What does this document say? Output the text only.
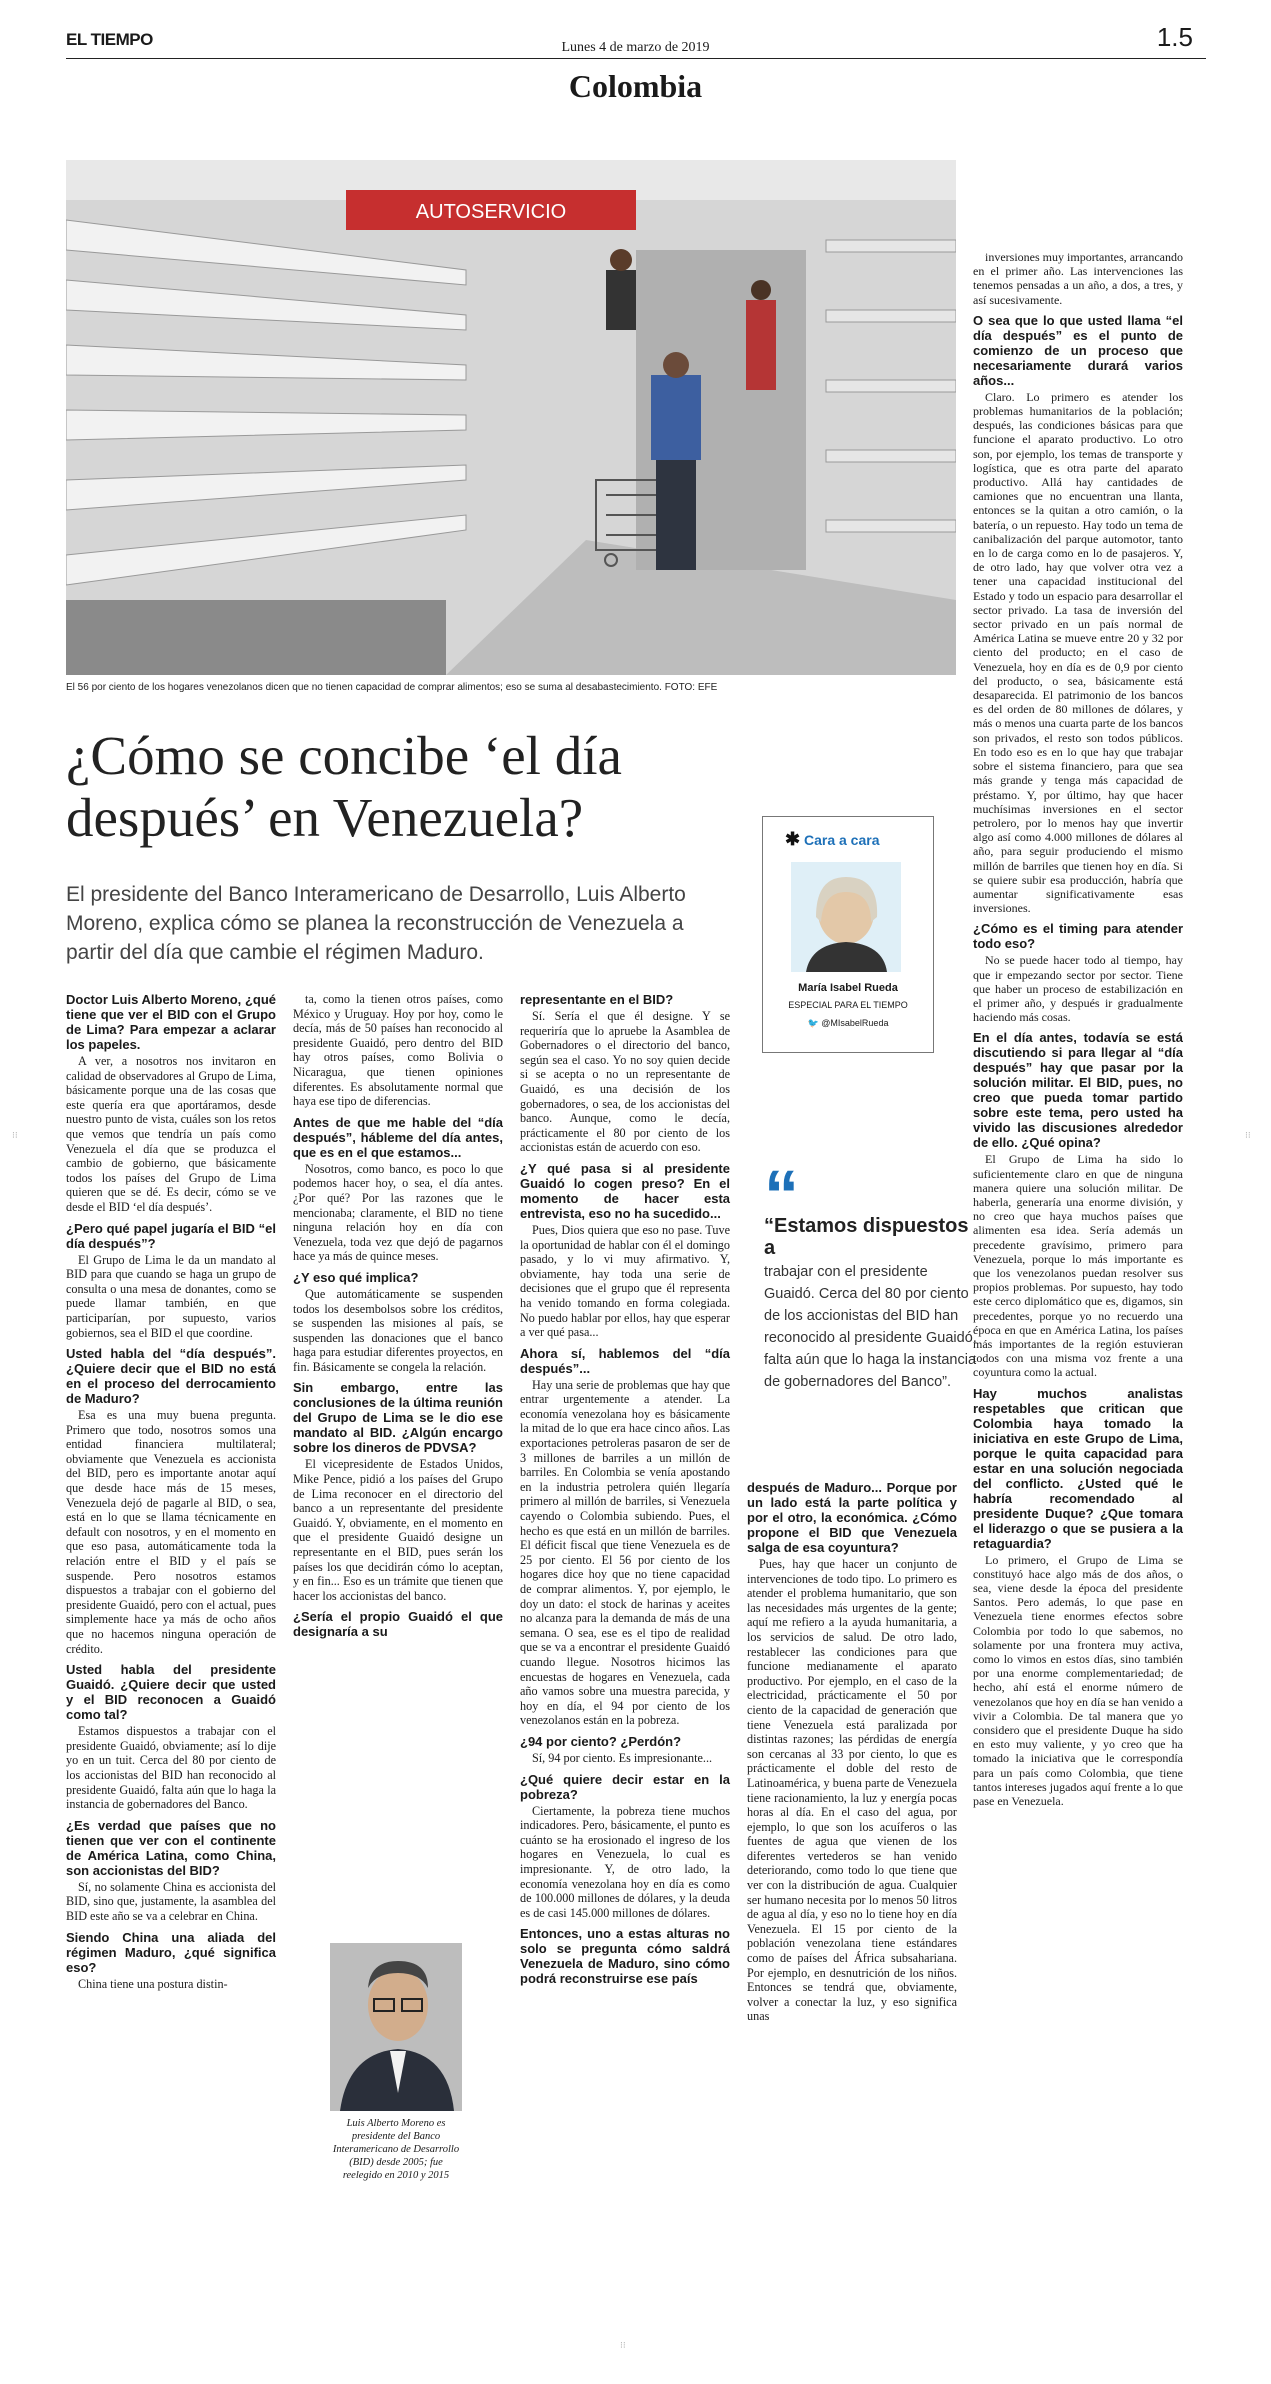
EL TIEMPO	Lunes 4 de marzo de 2019	1.5
Colombia
AUTOSERVICIO
El 56 por ciento de los hogares venezolanos dicen que no tienen capacidad de comprar alimentos; eso se suma al desabastecimiento. FOTO: EFE
¿Cómo se concibe ‘el día después’ en Venezuela?
El presidente del Banco Interamericano de Desarrollo, Luis Alberto Moreno, explica cómo se planea la reconstrucción de Venezuela a partir del día que cambie el régimen Maduro.
✱ Cara a cara
María Isabel Rueda
ESPECIAL PARA EL TIEMPO
🐦 @MIsabelRueda
“
“Estamos dispuestos a
trabajar con el presidente Guaidó. Cerca del 80 por ciento de los accionistas del BID han reconocido al presidente Guaidó, falta aún que lo haga la instancia de gobernadores del Banco”.
Luis Alberto Moreno es presidente del Banco Interamericano de Desarrollo (BID) desde 2005; fue reelegido en 2010 y 2015
Doctor Luis Alberto Moreno, ¿qué tiene que ver el BID con el Grupo de Lima? Para empezar a aclarar los papeles.

A ver, a nosotros nos invitaron en calidad de observadores al Grupo de Lima, básicamente porque una de las cosas que este quería era que aportáramos, desde nuestro punto de vista, cuáles son los retos que vemos que tendría un país como Venezuela el día que se produzca el cambio de gobierno, que básicamente todos los países del Grupo de Lima quieren que se dé. Es decir, cómo se ve desde el BID ‘el día después’.

¿Pero qué papel jugaría el BID “el día después”?

El Grupo de Lima le da un mandato al BID para que cuando se haga un grupo de consulta o una mesa de donantes, como se puede llamar también, en que participarían, por supuesto, varios gobiernos, sea el BID el que coordine.

Usted habla del “día después”. ¿Quiere decir que el BID no está en el proceso del derrocamiento de Maduro?

Esa es una muy buena pregunta. Primero que todo, nosotros somos una entidad financiera multilateral; obviamente que Venezuela es accionista del BID, pero es importante anotar aquí que desde hace más de 15 meses, Venezuela dejó de pagarle al BID, o sea, está en lo que se llama técnicamente en default con nosotros, y en el momento en que eso pasa, automáticamente toda la relación entre el BID y el país se suspende. Pero nosotros estamos dispuestos a trabajar con el gobierno del presidente Guaidó, pero con el actual, pues simplemente hace ya más de ocho años que no hacemos ninguna operación de crédito.

Usted habla del presidente Guaidó. ¿Quiere decir que usted y el BID reconocen a Guaidó como tal?

Estamos dispuestos a trabajar con el presidente Guaidó, obviamente; así lo dije yo en un tuit. Cerca del 80 por ciento de los accionistas del BID han reconocido al presidente Guaidó, falta aún que lo haga la instancia de gobernadores del Banco.

¿Es verdad que países que no tienen que ver con el continente de América Latina, como China, son accionistas del BID?

Sí, no solamente China es accionista del BID, sino que, justamente, la asamblea del BID este año se va a celebrar en China.

Siendo China una aliada del régimen Maduro, ¿qué significa eso?

China tiene una postura distin-

ta, como la tienen otros países, como México y Uruguay. Hoy por hoy, como le decía, más de 50 países han reconocido al presidente Guaidó, pero dentro del BID hay otros países, como Bolivia o Nicaragua, que tienen opiniones diferentes. Es absolutamente normal que haya ese tipo de diferencias.

Antes de que me hable del “día después”, hábleme del día antes, que es en el que estamos...

Nosotros, como banco, es poco lo que podemos hacer hoy, o sea, el día antes. ¿Por qué? Por las razones que le mencionaba; claramente, el BID no tiene ninguna relación hoy en día con Venezuela, toda vez que dejó de pagarnos hace ya más de quince meses.

¿Y eso qué implica?

Que automáticamente se suspenden todos los desembolsos sobre los créditos, se suspenden las misiones al país, se suspenden las donaciones que el banco haga para estudiar diferentes proyectos, en fin. Básicamente se congela la relación.

Sin embargo, entre las conclusiones de la última reunión del Grupo de Lima se le dio ese mandato al BID. ¿Algún encargo sobre los dineros de PDVSA?

El vicepresidente de Estados Unidos, Mike Pence, pidió a los países del Grupo de Lima reconocer en el directorio del banco a un representante del presidente Guaidó. Y, obviamente, en el momento en que el presidente Guaidó designe un representante en el BID, pues serán los países los que decidirán cómo lo aceptan, y en fin... Eso es un trámite que tienen que hacer los accionistas del banco.

¿Sería el propio Guaidó el que designaría a su
representante en el BID?

Sí. Sería el que él designe. Y se requeriría que lo apruebe la Asamblea de Gobernadores o el directorio del banco, según sea el caso. Yo no soy quien decide si se acepta o no un representante de Guaidó, es una decisión de los gobernadores, o sea, de los accionistas del banco. Aunque, como le decía, prácticamente el 80 por ciento de los accionistas están de acuerdo con eso.

¿Y qué pasa si al presidente Guaidó lo cogen preso? En el momento de hacer esta entrevista, eso no ha sucedido...

Pues, Dios quiera que eso no pase. Tuve la oportunidad de hablar con él el domingo pasado, y lo vi muy afirmativo. Y, obviamente, hay toda una serie de decisiones que el grupo que él representa ha venido tomando en forma colegiada. No puedo hablar por ellos, hay que esperar a ver qué pasa...

Ahora sí, hablemos del “día después”...

Hay una serie de problemas que hay que entrar urgentemente a atender. La economía venezolana hoy es básicamente la mitad de lo que era hace cinco años. Las exportaciones petroleras pasaron de ser de 3 millones de barriles a un millón de barriles. En Colombia se venía apostando en la industria petrolera quién llegaría primero al millón de barriles, si Venezuela cayendo o Colombia subiendo. Pues, el hecho es que está en un millón de barriles. El déficit fiscal que tiene Venezuela es de 25 por ciento. El 56 por ciento de los hogares dice hoy que no tiene capacidad de comprar alimentos. Y, por ejemplo, le doy un dato: el stock de harinas y aceites no alcanza para la demanda de más de una semana. O sea, ese es el tipo de realidad que se va a encontrar el presidente Guaidó cuando llegue. Nosotros hicimos las encuestas de hogares en Venezuela, cada año vamos sobre una muestra parecida, y hoy en día, el 94 por ciento de los venezolanos están en la pobreza.

¿94 por ciento? ¿Perdón?

Sí, 94 por ciento. Es impresionante...

¿Qué quiere decir estar en la pobreza?

Ciertamente, la pobreza tiene muchos indicadores. Pero, básicamente, el punto es cuánto se ha erosionado el ingreso de los hogares en Venezuela, lo cual es impresionante. Y, de otro lado, la economía venezolana hoy en día es como de 100.000 millones de dólares, y la deuda es de casi 145.000 millones de dólares.

Entonces, uno a estas alturas no solo se pregunta cómo saldrá Venezuela de Maduro, sino cómo podrá reconstruirse ese país
después de Maduro... Porque por un lado está la parte política y por el otro, la económica. ¿Cómo propone el BID que Venezuela salga de esa coyuntura?

Pues, hay que hacer un conjunto de intervenciones de todo tipo. Lo primero es atender el problema humanitario, que son las necesidades más urgentes de la gente; aquí me refiero a la ayuda humanitaria, a los servicios de salud. De otro lado, restablecer las condiciones para que funcione medianamente el aparato productivo. Por ejemplo, en el caso de la electricidad, prácticamente el 50 por ciento de la capacidad de generación que tiene Venezuela está paralizada por distintas razones; las pérdidas de energía son cercanas al 33 por ciento, lo que es prácticamente el doble del resto de Latinoamérica, y buena parte de Venezuela tiene racionamiento, la luz y energía pocas horas al día. En el caso del agua, por ejemplo, lo que son los acuíferos o las fuentes de agua que vienen de los diferentes vertederos se han venido deteriorando, como todo lo que tiene que ver con la distribución de agua. Cualquier ser humano necesita por lo menos 50 litros de agua al día, y eso no lo tiene hoy en día Venezuela. El 15 por ciento de la población venezolana tiene estándares como de países del África subsahariana. Por ejemplo, en desnutrición de los niños. Entonces se tendrá que, obviamente, volver a conectar la luz, y eso significa unas

inversiones muy importantes, arrancando en el primer año. Las intervenciones las tenemos pensadas a un año, a dos, a tres, y así sucesivamente.

O sea que lo que usted llama “el día después” es el punto de comienzo de un proceso que necesariamente durará varios años...

Claro. Lo primero es atender los problemas humanitarios de la población; después, las condiciones básicas para que funcione el aparato productivo. Lo otro son, por ejemplo, los temas de transporte y logística, que es otra parte del aparato productivo. Allá hay cantidades de camiones que no encuentran una llanta, entonces se la quitan a otro camión, o la batería, o un repuesto. Hay todo un tema de canibalización del parque automotor, tanto en lo de carga como en lo de pasajeros. Y, de otro lado, hay que volver otra vez a tener una capacidad institucional del Estado y todo un espacio para desarrollar el sector privado. La tasa de inversión del sector privado en un país normal de América Latina se mueve entre 20 y 32 por ciento del producto; en el caso de Venezuela, hoy en día es de 0,9 por ciento del producto, o sea, básicamente está desaparecida. El patrimonio de los bancos es del orden de 80 millones de dólares, y más o menos una cuarta parte de los bancos son privados, el resto son todos públicos. En todo eso es en lo que hay que trabajar sobre el sistema financiero, para que sea más grande y tenga más capacidad de préstamo. Y, por último, hay que hacer muchísimas inversiones en el sector petrolero, por lo menos hay que invertir algo así como 4.000 millones de dólares al año, para seguir produciendo el mismo millón de barriles que tienen hoy en día. Si se quiere subir esa producción, habría que aumentar significativamente esas inversiones.

¿Cómo es el timing para atender todo eso?

No se puede hacer todo al tiempo, hay que ir empezando sector por sector. Tiene que haber un proceso de estabilización en el primer año, y después ir gradualmente haciendo más cosas.

En el día antes, todavía se está discutiendo si para llegar al “día después” hay que pasar por la solución militar. El BID, pues, no creo que pueda tomar partido sobre este tema, pero usted ha vivido las discusiones alrededor de ello. ¿Qué opina?

El Grupo de Lima ha sido lo suficientemente claro en que de ninguna manera quiere una solución militar. De haberla, generaría una enorme división, y no creo que haya muchos países que alimenten esa idea. Sería además un precedente gravísimo, primero para Venezuela, porque lo más importante es que los venezolanos puedan resolver sus propios problemas. Por supuesto, hay todo este cerco diplomático que es, digamos, sin precedentes, porque yo no recuerdo una época en que en América Latina, los países más importantes de la región estuvieran todos con una misma voz frente a una coyuntura como la actual.

Hay muchos analistas respetables que critican que Colombia haya tomado la iniciativa en este Grupo de Lima, porque le quita capacidad para estar en una solución negociada del conflicto. ¿Usted qué le habría recomendado al presidente Duque? ¿Que tomara el liderazgo o que se pusiera a la retaguardia?

Lo primero, el Grupo de Lima se constituyó hace algo más de dos años, o sea, viene desde la época del presidente Santos. Pero además, lo que pase en Venezuela tiene enormes efectos sobre Colombia por todo lo que sabemos, no solamente por una frontera muy activa, como lo vimos en estos días, sino también por una enorme complementariedad; de hecho, ahí está el enorme número de venezolanos que hoy en día se han venido a vivir a Colombia. De tal manera que yo considero que el presidente Duque ha sido en esto muy valiente, y yo creo que ha tomado la iniciativa que le correspondía para un país como Colombia, que tiene tantos intereses jugados aquí frente a lo que pase en Venezuela.

⁝⁝	⁝⁝
⁝⁝
